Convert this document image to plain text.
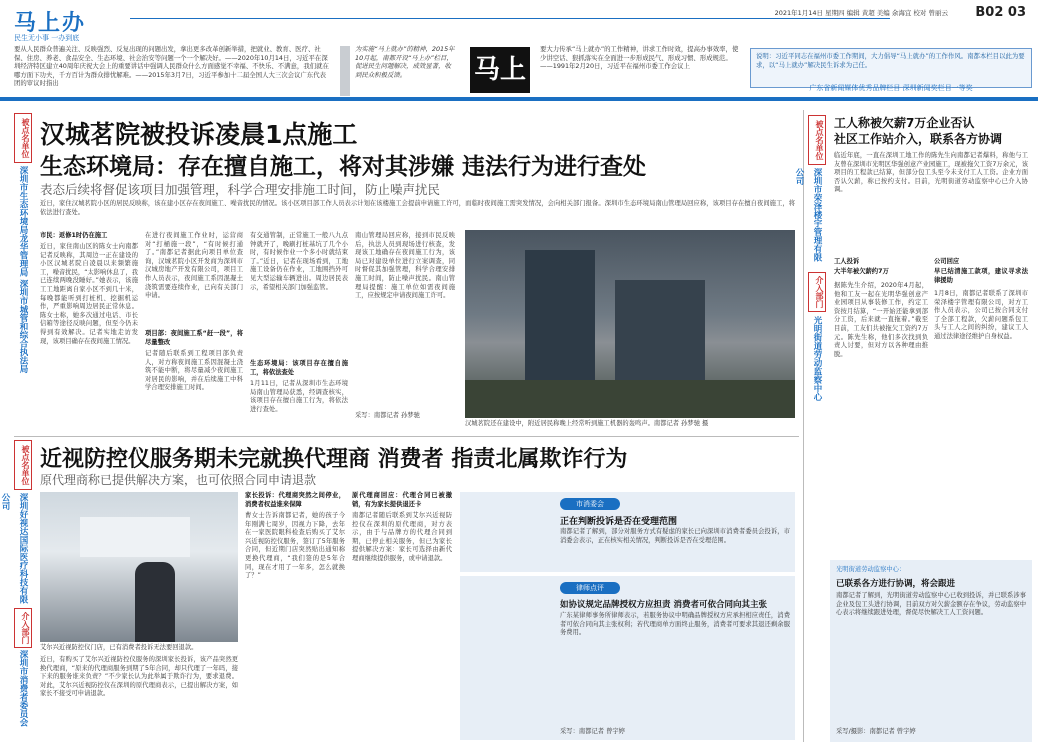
马上办
民生无小事 一办到底
2021年1月14日 星期四 编辑 黄超 美编 余海宜 校对 曾丽云 B02 03
要从人民群众普遍关注、反映强烈、反复出现的问题出发，拿出更多改革创新举措，把就业、教育、医疗、社保、住房、养老、食品安全、生态环境、社会治安等问题一个一个解决好。——2020年10月14日，习近平在深圳经济特区建立40周年庆祝大会上的重要讲话中强调人民群众什么方面感觉不幸福、不快乐、不满意，我们就在哪方面下功夫，千方百计为群众排忧解难。——2015年3月7日，习近平参加十二届全国人大三次会议广东代表团的审议时指出
为实施“马上就办”的精神，2015年10月起，南都开设“马上办”栏目，促进民生问题解决，成效显著，收到民众积极反馈。
要大力传承“马上就办”的工作精神，讲求工作时效，提高办事效率，使少讲空话、狠抓落实在全面进一步形成民气、形成习惯、形成规范。——1991年2月20日，习近平在福州市委工作会议上
马上办
说明：习近平同志在福州市委工作期间，大力倡导“马上就办”的工作作风。南都本栏目以此为要求，以“马上就办”解决民生诉求为己任。
广东省新闻媒体优秀品牌栏目 深圳新闻奖栏目一等奖
被点名单位
深圳市生态环境局龙华管理局 深圳市城管和综合执法局
汉城茗院被投诉凌晨1点施工
生态环境局：存在擅自施工，将对其涉嫌 违法行为进行查处
表态后续将督促该项目加强管理，科学合理安排施工时间，防止噪声扰民
近日，家住汉城茗院小区的居民反映称，该在建小区存在夜间施工、噪音扰民的情况。该小区项目部工作人员表示计划在该楼施工会提前申请施工许可，而临时夜间施工需突发情况，会向相关部门报备。深圳市生态环境局南山管理局回应称，该项目存在擅自夜间施工，将依法进行查处。
市民：返修1时仍在施工
近日，家住南山区的陈女士向南都记者反映称，其周边一正在建设的小区汉城茗院自凌晨以来频繁施工，噪音扰民，“太影响休息了，我已连续两晚没睡好。”她表示，该施工工地距离自家小区不到几十米，每晚都能听到打桩机、挖掘机运作，严重影响周边居民正常休息。陈女士称，她多次通过电话、市长信箱等途径反映问题，但至今仍未得到有效解决。记者实地走访发现，该项目确存在夜间施工情况。
在进行夜间施工作业时，运营商对“打桶施一段”，“有时候打通了。”南都记者据此向项目单位查询，汉城茗院小区开发商为深圳市汉城房地产开发有限公司，项目工作人员表示，夜间施工系因混凝土浇筑需要连续作业，已向有关部门申请。
项目部：夜间施工系“赶一段”，将尽量整改
记者随后联系到工程项目部负责人，对方称夜间施工系因混凝土浇筑不能中断，将尽量减少夜间施工对居民的影响，并在后续施工中科学合理安排施工时间。
有交通管制，正常施工一般八九点钟就开了，晚刷打桩基坑了几个小时，有时候作业一个多小时就结束了。”近日，记者在现场看到，工地施工设备仍在作业，工地围挡外可见大型运输车辆进出。周边居民表示，希望相关部门加强监管。
生态环境局：该项目存在擅自施工，将依法查处
1月11日，记者从深圳市生态环境局南山管理局获悉，经调查核实，该项目存在擅自施工行为，将依法进行查处。
南山管理局回应称，接到市民反映后，执法人员到现场进行核查，发现该工地确存在夜间施工行为，该局已对建设单位进行立案调查，同时督促其加强管理，科学合理安排施工时间，防止噪声扰民。南山管理局提醒：施工单位如需夜间施工，应按规定申请夜间施工许可。
采写：南都记者 孙梦驰
汉城茗院还在建设中，附近居民称晚上经常听到施工机器的轰鸣声。南都记者 孙梦驰 摄
被点名单位
深圳好视达国际医疗科技有限公司
介入部门
深圳市消费者委员会
近视防控仪服务期未完就换代理商 消费者 指责北属欺诈行为
原代理商称已提供解决方案，也可依照合同申请退款
艾尔兴近视防控仪门店，已有消费者投诉无法要回退款。
近日，有购买了艾尔兴近视防控仪服务的深圳家长投诉，该产品突然更换代理商，“原来的代理商服务到期了5年合同，却只代理了一年吗，接下来的服务谁来负责？”不少家长认为此举属于欺诈行为，要求退费。对此，艾尔兴近视防控仪在深圳的原代理商表示，已提出解决方案，如家长不接受可申请退款。
家长投诉：代理商突然之间停业，消费者权益谁来保障
曹女士告诉南都记者，她的孩子今年刚满七周岁，因视力下降，去年在一家医院眼科检查后购买了艾尔兴近视防控仪服务，签订了5年服务合同，但近期门店突然贴出通知称更换代理商，“我们签的是5年合同，现在才用了一年多，怎么就换了？”
原代理商回应：代理合同已被撤销，有为家长提供退还卡
南都记者随后联系到艾尔兴近视防控仪在深圳的原代理商，对方表示，由于与品牌方的代理合同到期，已停止相关服务，但已为家长提供解决方案：家长可选择由新代理商继续提供服务，或申请退款。
市消委会
正在判断投诉是否在受理范围
南都记者了解到，部分对服务方式有疑虑的家长已向深圳市消费者委员会投诉，市消委会表示，正在核实相关情况，判断投诉是否在受理范围。
律师点评
如协议规定品牌授权方应担责 消费者可依合同向其主张
广东某律师事务所律师表示，若服务协议中明确品牌授权方应承担相应责任，消费者可依合同向其主张权利；若代理商单方面终止服务，消费者可要求其退还剩余服务费用。
采写：南都记者 曾宇婷
被点名单位
深圳市荣泽楼宇管理有限公司
介入部门
光明街道劳动监察中心
工人称被欠薪7万企业否认
社区工作站介入，联系各方协调
临近年底，一直在深圳工地工作的陈先生向南都记者爆料，称他与工友曾在深圳市光明区华强创意产业园施工，现被拖欠工资7万余元，该项目的工程款已结算，但部分包工头至今未支付工人工资。企业方面否认欠薪，称已按约支付。目前，光明街道劳动监察中心已介入协调。
工人投诉
大半年被欠薪约7万
据陈先生介绍，2020年4月起，他和工友一起在光明华强创意产业园项目从事装修工作，约定工资按月结算，“一开始还能拿到部分工资，后来就一直拖着。”截至目前，工友们共被拖欠工资约7万元。陈先生称，他们多次找到负责人讨要，但对方以各种理由推脱。
公司回应
早已结清施工款项，建议寻求法律援助
1月8日，南都记者联系了深圳市荣泽楼宇管理有限公司，对方工作人员表示，公司已按合同支付了全部工程款，欠薪问题系包工头与工人之间的纠纷，建议工人通过法律途径维护自身权益。
光明街道劳动监察中心：
已联系各方进行协调，将会跟进
南都记者了解到，光明街道劳动监察中心已收到投诉，并已联系涉事企业及包工头进行协调，目前双方对欠薪金额存在争议，劳动监察中心表示将继续跟进处理，督促尽快解决工人工资问题。
采写/摄影：南都记者 曾宇婷
